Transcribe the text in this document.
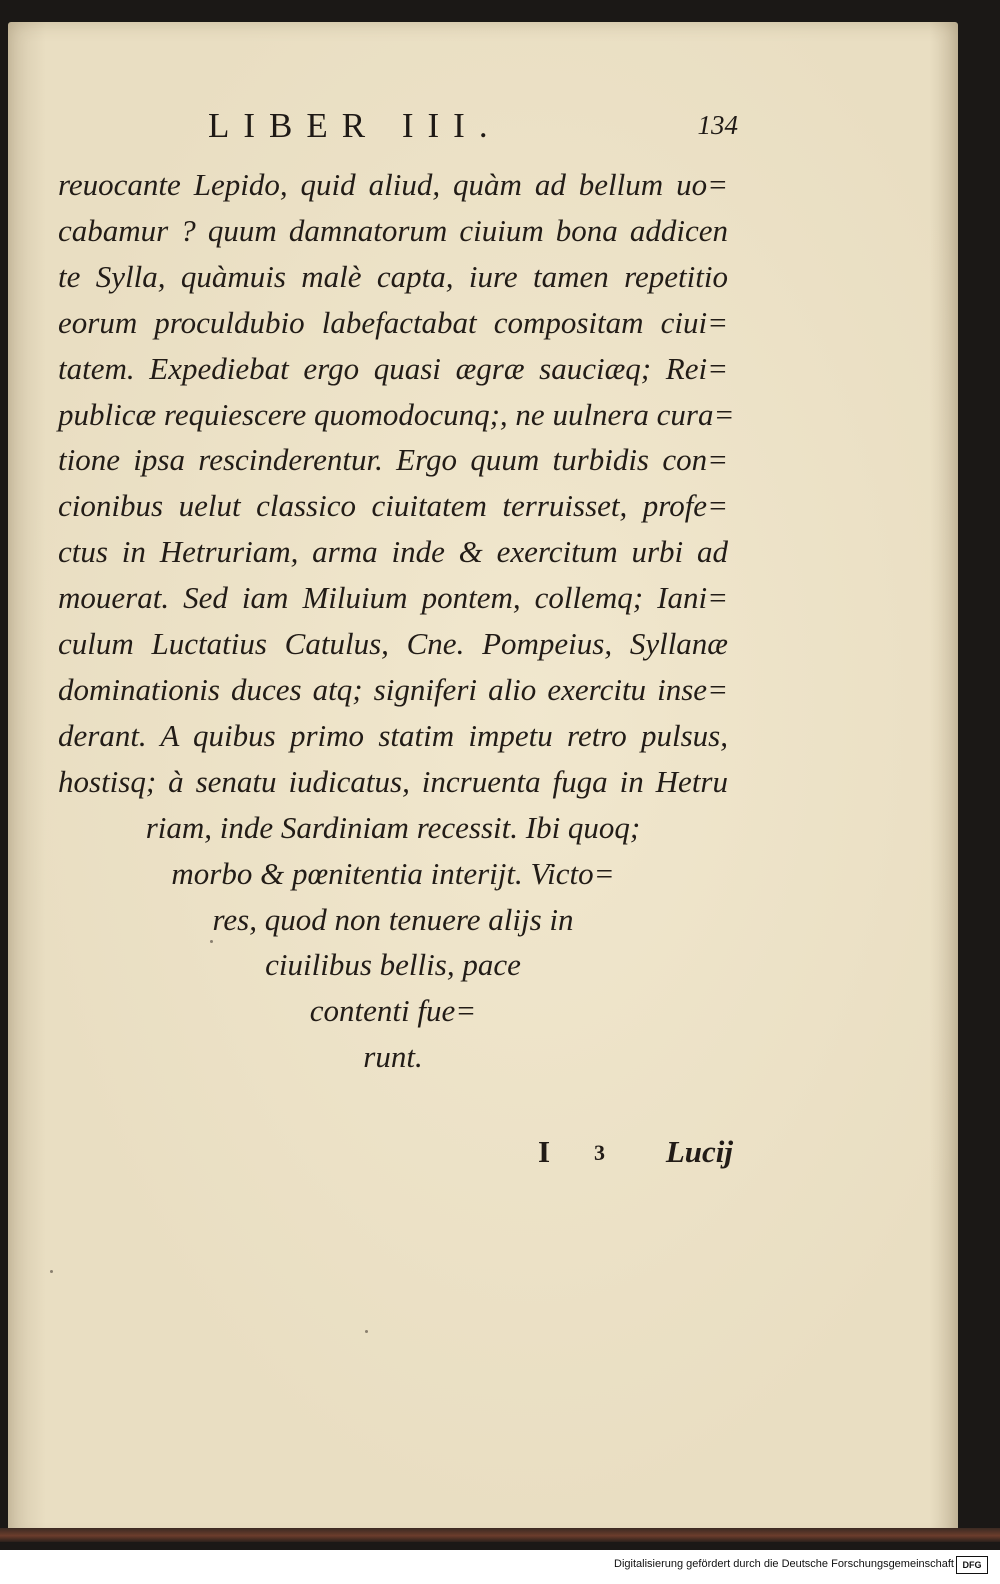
LIBER III.	134
reuocante Lepido, quid aliud, quàm ad bellum uo=
cabamur ? quum damnatorum ciuium bona addicen
te Sylla, quàmuis malè capta, iure tamen repetitio
eorum proculdubio labefactabat compositam ciui=
tatem. Expediebat ergo quasi ægræ sauciæq; Rei=
publicæ requiescere quomodocunq;, ne uulnera cura=
tione ipsa rescinderentur. Ergo quum turbidis con=
cionibus uelut classico ciuitatem terruisset, profe=
ctus in Hetruriam, arma inde & exercitum urbi ad
mouerat. Sed iam Miluium pontem, collemq; Iani=
culum Luctatius Catulus, Cne. Pompeius, Syllanæ
dominationis duces atq; signiferi alio exercitu inse=
derant. A quibus primo statim impetu retro pulsus,
hostisq; à senatu iudicatus, incruenta fuga in Hetru
riam, inde Sardiniam recessit. Ibi quoq;
morbo & pœnitentia interijt. Victo=
res, quod non tenuere alijs in
ciuilibus bellis, pace
contenti fue=
runt.
I 3 Lucij
Digitalisierung gefördert durch die Deutsche Forschungsgemeinschaft DFG
